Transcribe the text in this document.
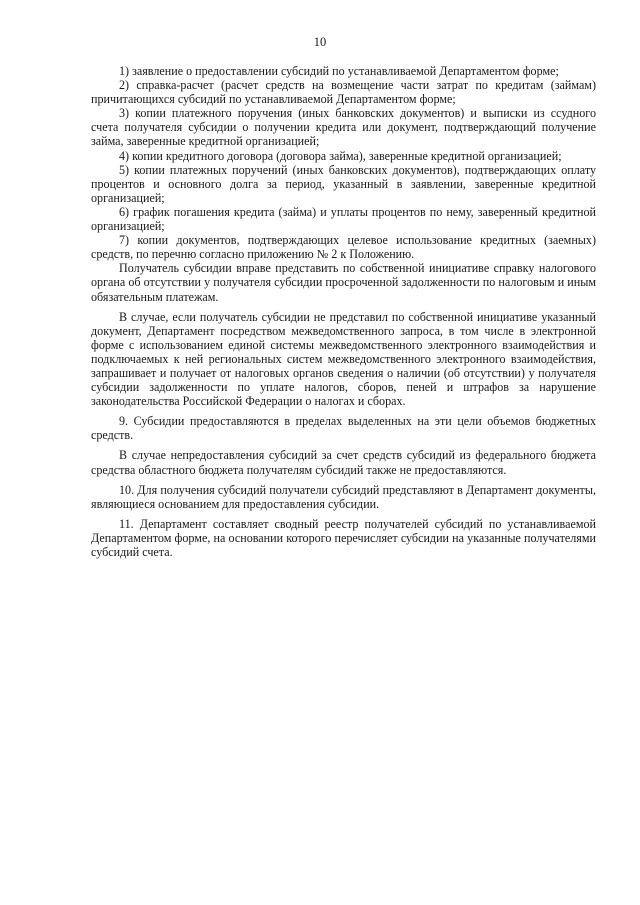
10

1) заявление о предоставлении субсидий по устанавливаемой Департаментом форме;

2) справка-расчет (расчет средств на возмещение части затрат по кредитам (займам) причитающихся субсидий по устанавливаемой Департаментом форме;

3) копии платежного поручения (иных банковских документов) и выписки из ссудного счета получателя субсидии о получении кредита или документ, подтверждающий получение займа, заверенные кредитной организацией;

4) копии кредитного договора (договора займа), заверенные кредитной организацией;

5) копии платежных поручений (иных банковских документов), подтверждающих оплату процентов и основного долга за период, указанный в заявлении, заверенные кредитной организацией;

6) график погашения кредита (займа) и уплаты процентов по нему, заверенный кредитной организацией;

7) копии документов, подтверждающих целевое использование кредитных (заемных) средств, по перечню согласно приложению № 2 к Положению.

Получатель субсидии вправе представить по собственной инициативе справку налогового органа об отсутствии у получателя субсидии просроченной задолженности по налоговым и иным обязательным платежам.

В случае, если получатель субсидии не представил по собственной инициативе указанный документ, Департамент посредством межведомственного запроса, в том числе в электронной форме с использованием единой системы межведомственного электронного взаимодействия и подключаемых к ней региональных систем межведомственного электронного взаимодействия, запрашивает и получает от налоговых органов сведения о наличии (об отсутствии) у получателя субсидии задолженности по уплате налогов, сборов, пеней и штрафов за нарушение законодательства Российской Федерации о налогах и сборах.

9. Субсидии предоставляются в пределах выделенных на эти цели объемов бюджетных средств.

В случае непредоставления субсидий за счет средств субсидий из федерального бюджета средства областного бюджета получателям субсидий также не предоставляются.

10. Для получения субсидий получатели субсидий представляют в Департамент документы, являющиеся основанием для предоставления субсидии.

11. Департамент составляет сводный реестр получателей субсидий по устанавливаемой Департаментом форме, на основании которого перечисляет субсидии на указанные получателями субсидий счета.
